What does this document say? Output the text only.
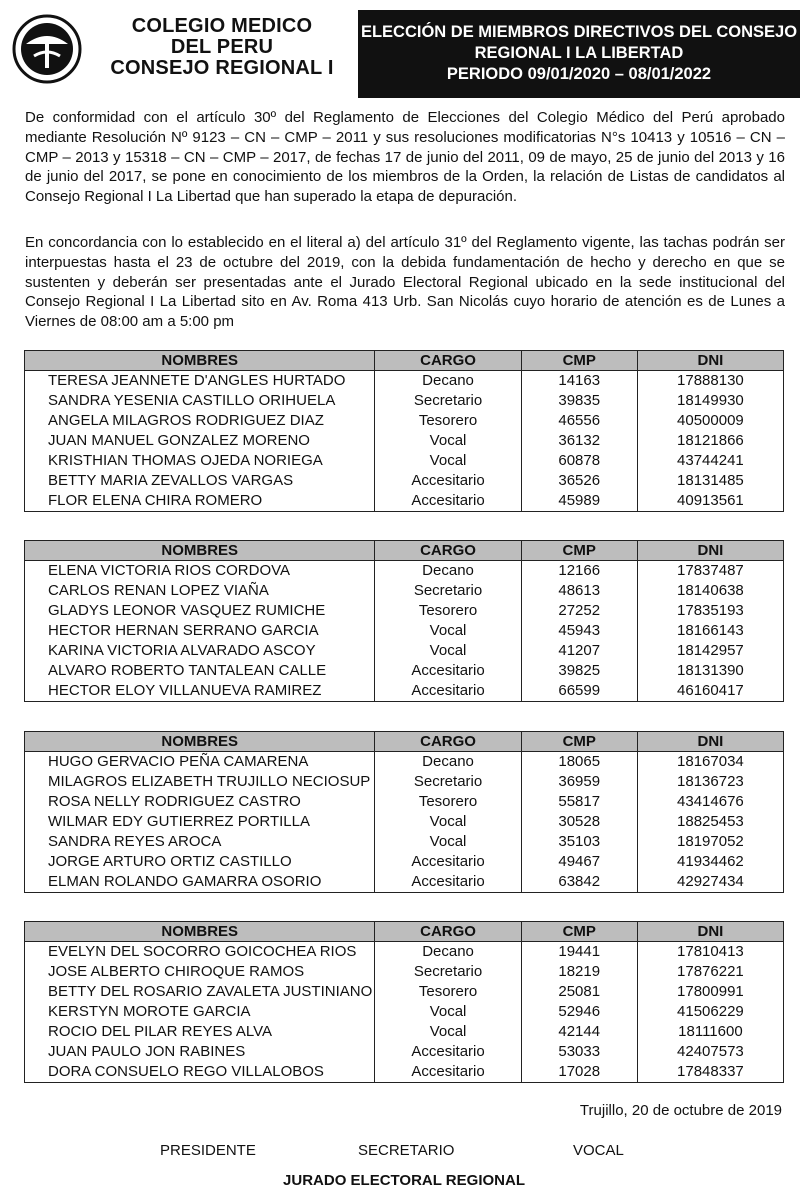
COLEGIO MEDICO
DEL PERU
CONSEJO REGIONAL I
ELECCIÓN DE MIEMBROS DIRECTIVOS DEL CONSEJO
REGIONAL I LA LIBERTAD
PERIODO 09/01/2020 – 08/01/2022
De conformidad con el artículo 30º del Reglamento de Elecciones del Colegio Médico del Perú aprobado mediante Resolución Nº 9123 – CN – CMP – 2011 y sus resoluciones modificatorias N°s 10413 y 10516 – CN – CMP – 2013 y 15318 – CN – CMP – 2017, de fechas 17 de junio del 2011, 09 de mayo, 25 de junio del 2013 y 16 de junio del 2017, se pone en conocimiento de los miembros de la Orden, la relación de Listas de candidatos al Consejo Regional I La Libertad que han superado la etapa de depuración.
En concordancia con lo establecido en el literal a) del artículo 31º del Reglamento vigente, las tachas podrán ser interpuestas hasta el 23 de octubre del 2019, con la debida fundamentación de hecho y derecho en que se sustenten y deberán ser presentadas ante el Jurado Electoral Regional ubicado en la sede institucional del Consejo Regional I La Libertad sito en Av. Roma 413 Urb. San Nicolás cuyo horario de atención es de Lunes a Viernes de 08:00 am a 5:00 pm
NOMBRES	CARGO	CMP	DNI
TERESA JEANNETE D'ANGLES HURTADO	Decano	14163	17888130
SANDRA YESENIA CASTILLO ORIHUELA	Secretario	39835	18149930
ANGELA MILAGROS RODRIGUEZ DIAZ	Tesorero	46556	40500009
JUAN MANUEL GONZALEZ MORENO	Vocal	36132	18121866
KRISTHIAN THOMAS OJEDA NORIEGA	Vocal	60878	43744241
BETTY MARIA ZEVALLOS VARGAS	Accesitario	36526	18131485
FLOR ELENA CHIRA ROMERO	Accesitario	45989	40913561
NOMBRES	CARGO	CMP	DNI
ELENA VICTORIA RIOS CORDOVA	Decano	12166	17837487
CARLOS RENAN LOPEZ VIAÑA	Secretario	48613	18140638
GLADYS LEONOR VASQUEZ RUMICHE	Tesorero	27252	17835193
HECTOR HERNAN SERRANO GARCIA	Vocal	45943	18166143
KARINA VICTORIA ALVARADO ASCOY	Vocal	41207	18142957
ALVARO ROBERTO TANTALEAN CALLE	Accesitario	39825	18131390
HECTOR ELOY VILLANUEVA RAMIREZ	Accesitario	66599	46160417
NOMBRES	CARGO	CMP	DNI
HUGO GERVACIO PEÑA CAMARENA	Decano	18065	18167034
MILAGROS ELIZABETH TRUJILLO NECIOSUP	Secretario	36959	18136723
ROSA NELLY RODRIGUEZ CASTRO	Tesorero	55817	43414676
WILMAR EDY GUTIERREZ PORTILLA	Vocal	30528	18825453
SANDRA REYES AROCA	Vocal	35103	18197052
JORGE ARTURO ORTIZ CASTILLO	Accesitario	49467	41934462
ELMAN ROLANDO GAMARRA OSORIO	Accesitario	63842	42927434
NOMBRES	CARGO	CMP	DNI
EVELYN DEL SOCORRO GOICOCHEA RIOS	Decano	19441	17810413
JOSE ALBERTO CHIROQUE RAMOS	Secretario	18219	17876221
BETTY DEL ROSARIO ZAVALETA JUSTINIANO	Tesorero	25081	17800991
KERSTYN MOROTE GARCIA	Vocal	52946	41506229
ROCIO DEL PILAR REYES ALVA	Vocal	42144	18111600
JUAN PAULO JON RABINES	Accesitario	53033	42407573
DORA CONSUELO REGO VILLALOBOS	Accesitario	17028	17848337
Trujillo, 20 de octubre de 2019
PRESIDENTE	SECRETARIO	VOCAL
JURADO ELECTORAL REGIONAL
